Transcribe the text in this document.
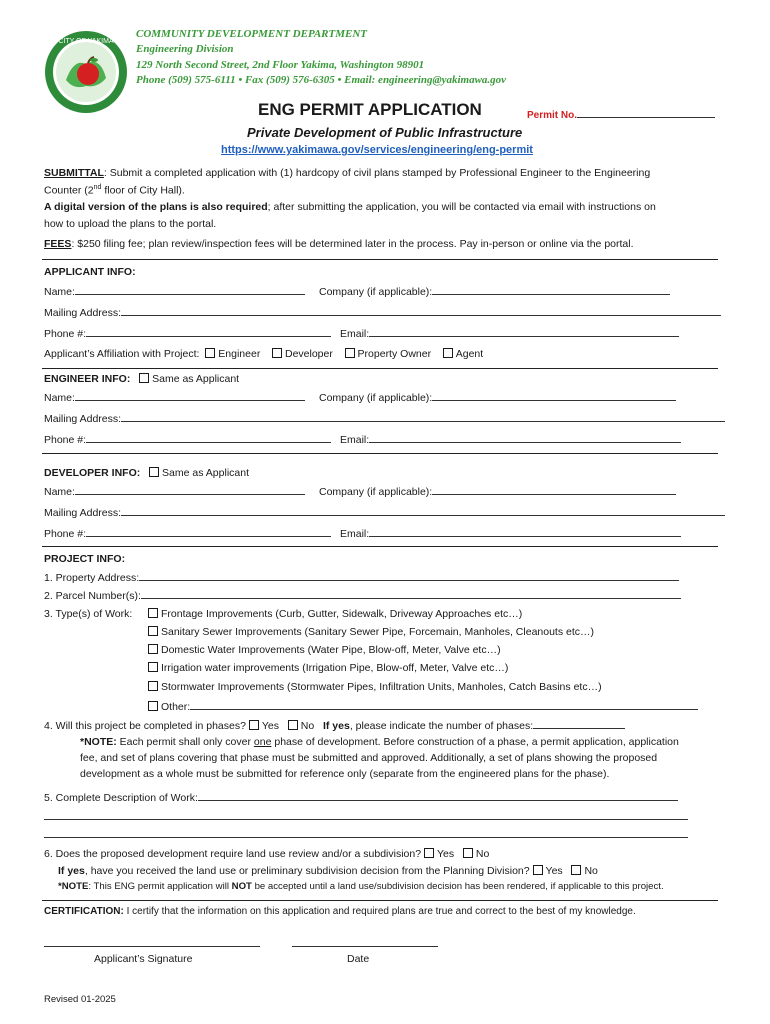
CITY OF YAKIMA
COMMUNITY DEVELOPMENT DEPARTMENT
Engineering Division
129 North Second Street, 2nd Floor Yakima, Washington 98901
Phone (509) 575-6111 • Fax (509) 576-6305 • Email: engineering@yakimawa.gov
ENG PERMIT APPLICATION	Permit No.
Private Development of Public Infrastructure
https://www.yakimawa.gov/services/engineering/eng-permit
SUBMITTAL: Submit a completed application with (1) hardcopy of civil plans stamped by Professional Engineer to the Engineering
Counter (2nd floor of City Hall).
A digital version of the plans is also required; after submitting the application, you will be contacted via email with instructions on
how to upload the plans to the portal.
FEES: $250 filing fee; plan review/inspection fees will be determined later in the process. Pay in-person or online via the portal.
APPLICANT INFO:
Name:	Company (if applicable):
Mailing Address:
Phone #:	Email:
Applicant’s Affiliation with Project: Engineer Developer Property Owner Agent
ENGINEER INFO: Same as Applicant
Name:	Company (if applicable):
Mailing Address:
Phone #:	Email:
DEVELOPER INFO: Same as Applicant
Name:	Company (if applicable):
Mailing Address:
Phone #:	Email:
PROJECT INFO:
1. Property Address:
2. Parcel Number(s):
3. Type(s) of Work:	Frontage Improvements (Curb, Gutter, Sidewalk, Driveway Approaches etc…)
Sanitary Sewer Improvements (Sanitary Sewer Pipe, Forcemain, Manholes, Cleanouts etc…)
Domestic Water Improvements (Water Pipe, Blow-off, Meter, Valve etc…)
Irrigation water improvements (Irrigation Pipe, Blow-off, Meter, Valve etc…)
Stormwater Improvements (Stormwater Pipes, Infiltration Units, Manholes, Catch Basins etc…)
Other:
4. Will this project be completed in phases? Yes No If yes, please indicate the number of phases:
*NOTE: Each permit shall only cover one phase of development. Before construction of a phase, a permit application, application
fee, and set of plans covering that phase must be submitted and approved. Additionally, a set of plans showing the proposed
development as a whole must be submitted for reference only (separate from the engineered plans for the phase).
5. Complete Description of Work:
6. Does the proposed development require land use review and/or a subdivision? Yes No
If yes, have you received the land use or preliminary subdivision decision from the Planning Division? Yes No
*NOTE: This ENG permit application will NOT be accepted until a land use/subdivision decision has been rendered, if applicable to this project.
CERTIFICATION: I certify that the information on this application and required plans are true and correct to the best of my knowledge.
Applicant’s Signature	Date
Revised 01-2025
